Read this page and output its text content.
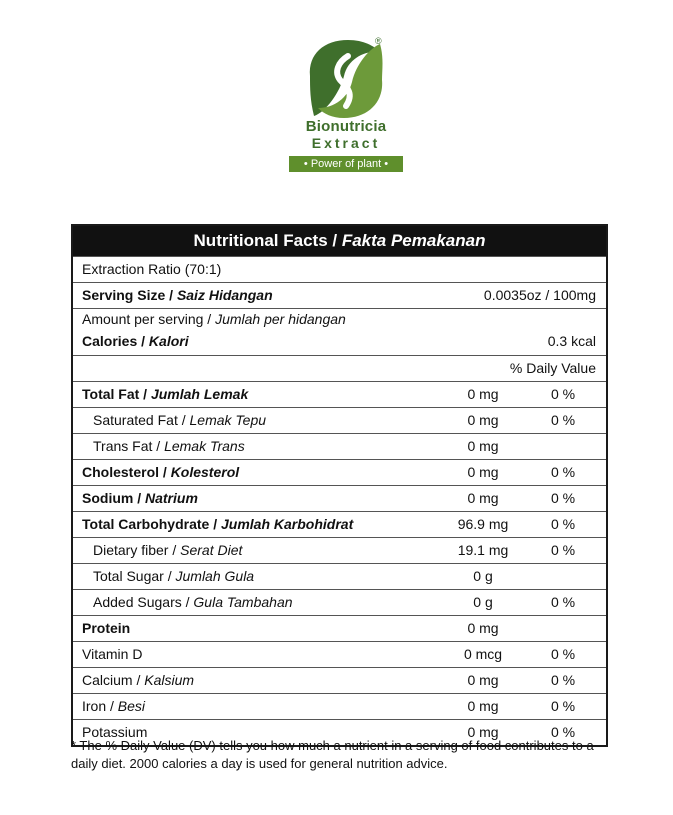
®
Bionutricia
Extract
• Power of plant •
Nutritional Facts / Fakta Pemakanan
Extraction Ratio (70:1)
Serving Size / Saiz Hidangan	0.0035oz / 100mg
Amount per serving / Jumlah per hidangan
Calories / Kalori	0.3 kcal
% Daily Value
Total Fat / Jumlah Lemak	0 mg	0 %
Saturated Fat / Lemak Tepu	0 mg	0 %
Trans Fat / Lemak Trans	0 mg
Cholesterol / Kolesterol	0 mg	0 %
Sodium / Natrium	0 mg	0 %
Total Carbohydrate / Jumlah Karbohidrat	96.9 mg	0 %
Dietary fiber / Serat Diet	19.1 mg	0 %
Total Sugar / Jumlah Gula	0 g
Added Sugars / Gula Tambahan	0 g	0 %
Protein	0 mg
Vitamin D	0 mcg	0 %
Calcium / Kalsium	0 mg	0 %
Iron / Besi	0 mg	0 %
Potassium	0 mg	0 %
* The % Daily Value (DV) tells you how much a nutrient in a serving of food contributes to a daily diet. 2000 calories a day is used for general nutrition advice.
